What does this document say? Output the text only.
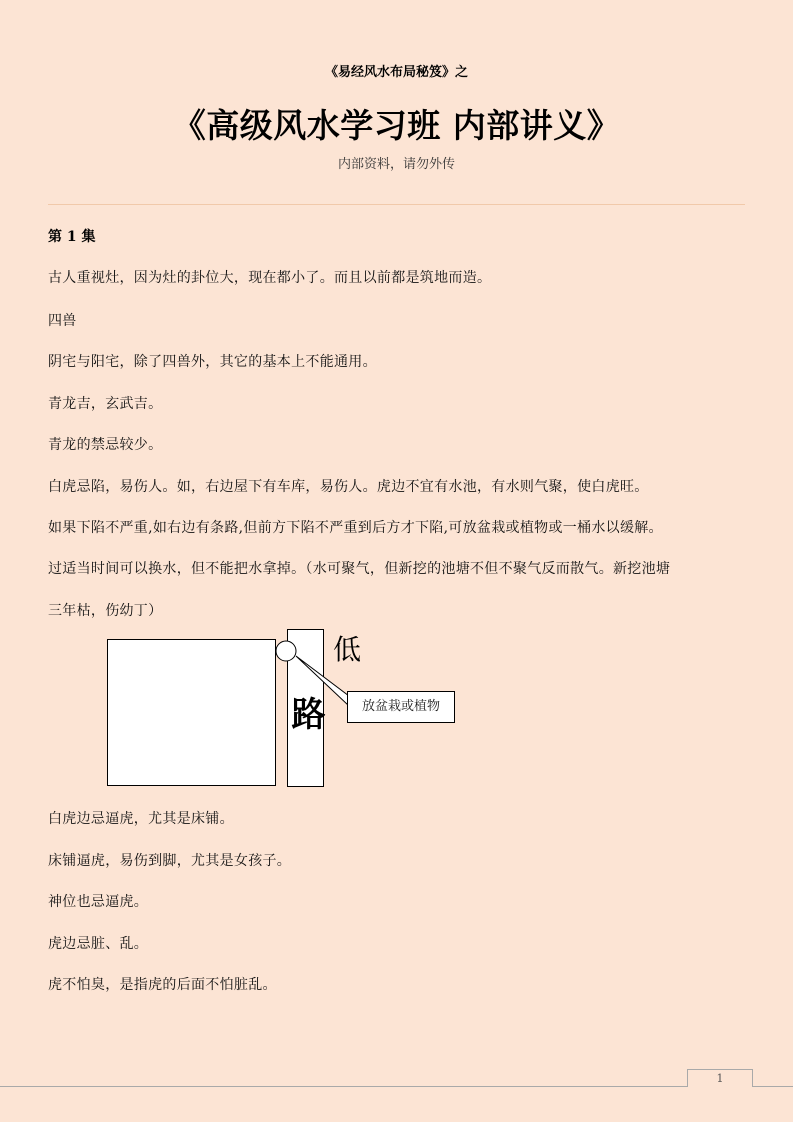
《易经风水布局秘笈》之
《高级风水学习班 内部讲义》
内部资料，请勿外传
第 1 集
古人重视灶，因为灶的卦位大，现在都小了。而且以前都是筑地而造。
四兽
阴宅与阳宅，除了四兽外，其它的基本上不能通用。
青龙吉，玄武吉。
青龙的禁忌较少。
白虎忌陷，易伤人。如，右边屋下有车库，易伤人。虎边不宜有水池，有水则气聚，使白虎旺。
如果下陷不严重,如右边有条路,但前方下陷不严重到后方才下陷,可放盆栽或植物或一桶水以缓解。
过适当时间可以换水，但不能把水拿掉。（水可聚气，但新挖的池塘不但不聚气反而散气。新挖池塘
三年枯，伤幼丁）
路
低
放盆栽或植物
白虎边忌逼虎，尤其是床铺。
床铺逼虎，易伤到脚，尤其是女孩子。
神位也忌逼虎。
虎边忌脏、乱。
虎不怕臭，是指虎的后面不怕脏乱。
1
